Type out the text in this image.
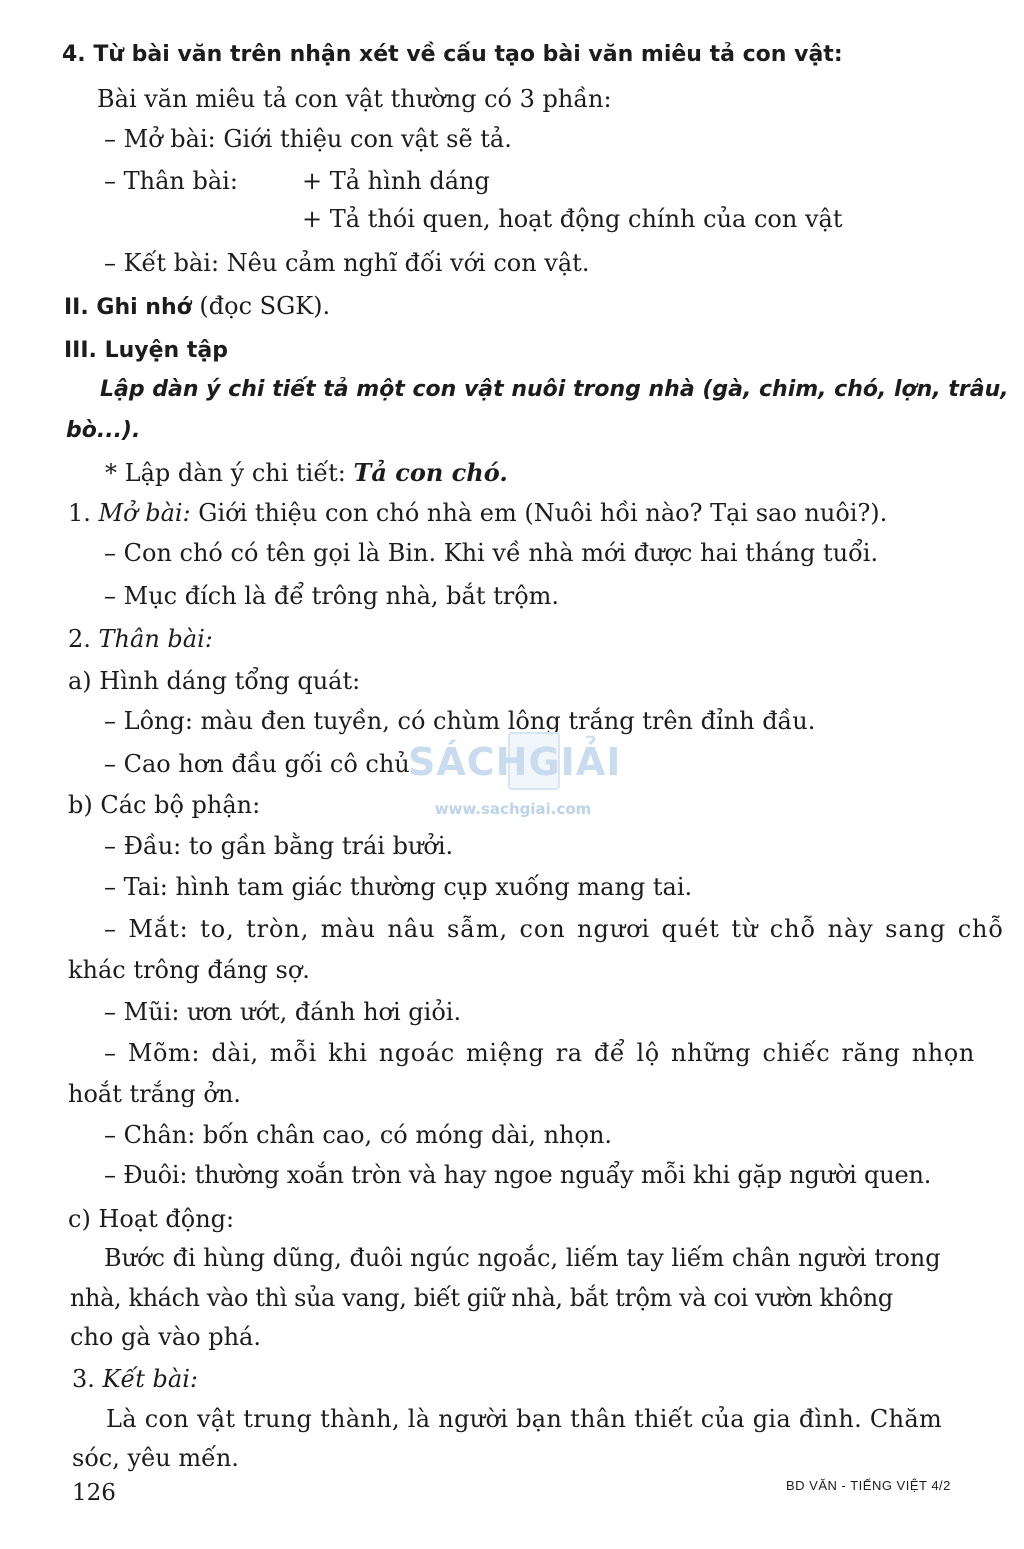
4. Từ bài văn trên nhận xét về cấu tạo bài văn miêu tả con vật:
Bài văn miêu tả con vật thường có 3 phần:
– Mở bài: Giới thiệu con vật sẽ tả.
– Thân bài:	+ Tả hình dáng
+ Tả thói quen, hoạt động chính của con vật
– Kết bài: Nêu cảm nghĩ đối với con vật.
II. Ghi nhớ (đọc SGK).
III. Luyện tập
Lập dàn ý chi tiết tả một con vật nuôi trong nhà (gà, chim, chó, lợn, trâu,
bò...).
* Lập dàn ý chi tiết: Tả con chó.
1. Mở bài: Giới thiệu con chó nhà em (Nuôi hồi nào? Tại sao nuôi?).
– Con chó có tên gọi là Bin. Khi về nhà mới được hai tháng tuổi.
– Mục đích là để trông nhà, bắt trộm.
2. Thân bài:
a) Hình dáng tổng quát:
– Lông: màu đen tuyền, có chùm lông trắng trên đỉnh đầu.
– Cao hơn đầu gối cô chủ.
b) Các bộ phận:
– Đầu: to gần bằng trái bưởi.
– Tai: hình tam giác thường cụp xuống mang tai.
– Mắt: to, tròn, màu nâu sẫm, con ngươi quét từ chỗ này sang chỗ
khác trông đáng sợ.
– Mũi: ươn ướt, đánh hơi giỏi.
– Mõm: dài, mỗi khi ngoác miệng ra để lộ những chiếc răng nhọn
hoắt trắng ởn.
– Chân: bốn chân cao, có móng dài, nhọn.
– Đuôi: thường xoắn tròn và hay ngoe nguẩy mỗi khi gặp người quen.
c) Hoạt động:
Bước đi hùng dũng, đuôi ngúc ngoắc, liếm tay liếm chân người trong
nhà, khách vào thì sủa vang, biết giữ nhà, bắt trộm và coi vườn không
cho gà vào phá.
3. Kết bài:
Là con vật trung thành, là người bạn thân thiết của gia đình. Chăm
sóc, yêu mến.
SÁCHGIẢI
www.sachgiai.com
126	BD VĂN - TIẾNG VIỆT 4/2
